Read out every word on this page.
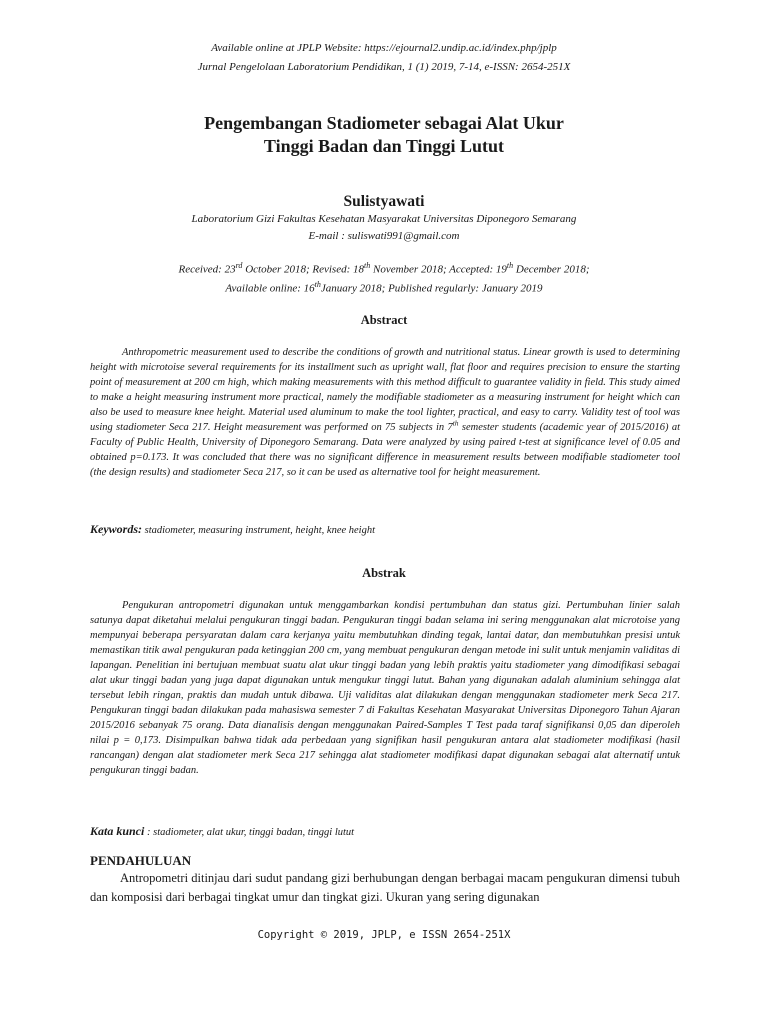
Available online at JPLP Website: https://ejournal2.undip.ac.id/index.php/jplp
Jurnal Pengelolaan Laboratorium Pendidikan, 1 (1) 2019, 7-14, e-ISSN: 2654-251X
Pengembangan Stadiometer sebagai Alat Ukur
Tinggi Badan dan Tinggi Lutut
Sulistyawati
Laboratorium Gizi Fakultas Kesehatan Masyarakat Universitas Diponegoro Semarang
E-mail : suliswati991@gmail.com
Received: 23rd October 2018; Revised: 18th November 2018; Accepted: 19th December 2018;
Available online: 16thJanuary 2018; Published regularly: January 2019
Abstract

Anthropometric measurement used to describe the conditions of growth and nutritional status. Linear growth is used to determining height with microtoise several requirements for its installment such as upright wall, flat floor and requires precision to ensure the starting point of measurement at 200 cm high, which making measurements with this method difficult to guarantee validity in field. This study aimed to make a height measuring instrument more practical, namely the modifiable stadiometer as a measuring instrument for height which can also be used to measure knee height. Material used aluminum to make the tool lighter, practical, and easy to carry. Validity test of tool was using stadiometer Seca 217. Height measurement was performed on 75 subjects in 7th semester students (academic year of 2015/2016) at Faculty of Public Health, University of Diponegoro Semarang. Data were analyzed by using paired t-test at significance level of 0.05 and obtained p=0.173. It was concluded that there was no significant difference in measurement results between modifiable stadiometer tool (the design results) and stadiometer Seca 217, so it can be used as alternative tool for height measurement.

Keywords: stadiometer, measuring instrument, height, knee height
Abstrak

Pengukuran antropometri digunakan untuk menggambarkan kondisi pertumbuhan dan status gizi. Pertumbuhan linier salah satunya dapat diketahui melalui pengukuran tinggi badan. Pengukuran tinggi badan selama ini sering menggunakan alat microtoise yang mempunyai beberapa persyaratan dalam cara kerjanya yaitu membutuhkan dinding tegak, lantai datar, dan membutuhkan presisi untuk memastikan titik awal pengukuran pada ketinggian 200 cm, yang membuat pengukuran dengan metode ini sulit untuk menjamin validitas di lapangan. Penelitian ini bertujuan membuat suatu alat ukur tinggi badan yang lebih praktis yaitu stadiometer yang dimodifikasi sebagai alat ukur tinggi badan yang juga dapat digunakan untuk mengukur tinggi lutut. Bahan yang digunakan adalah aluminium sehingga alat tersebut lebih ringan, praktis dan mudah untuk dibawa. Uji validitas alat dilakukan dengan menggunakan stadiometer merk Seca 217. Pengukuran tinggi badan dilakukan pada mahasiswa semester 7 di Fakultas Kesehatan Masyarakat Universitas Diponegoro Tahun Ajaran 2015/2016 sebanyak 75 orang. Data dianalisis dengan menggunakan Paired-Samples T Test pada taraf signifikansi 0,05 dan diperoleh nilai p = 0,173. Disimpulkan bahwa tidak ada perbedaan yang signifikan hasil pengukuran antara alat stadiometer modifikasi (hasil rancangan) dengan alat stadiometer merk Seca 217 sehingga alat stadiometer modifikasi dapat digunakan sebagai alat alternatif untuk pengukuran tinggi badan.

Kata kunci : stadiometer, alat ukur, tinggi badan, tinggi lutut
PENDAHULUAN

Antropometri ditinjau dari sudut pandang gizi berhubungan dengan berbagai macam pengukuran dimensi tubuh dan komposisi dari berbagai tingkat umur dan tingkat gizi. Ukuran yang sering digunakan

Copyright © 2019, JPLP, e ISSN 2654-251X
